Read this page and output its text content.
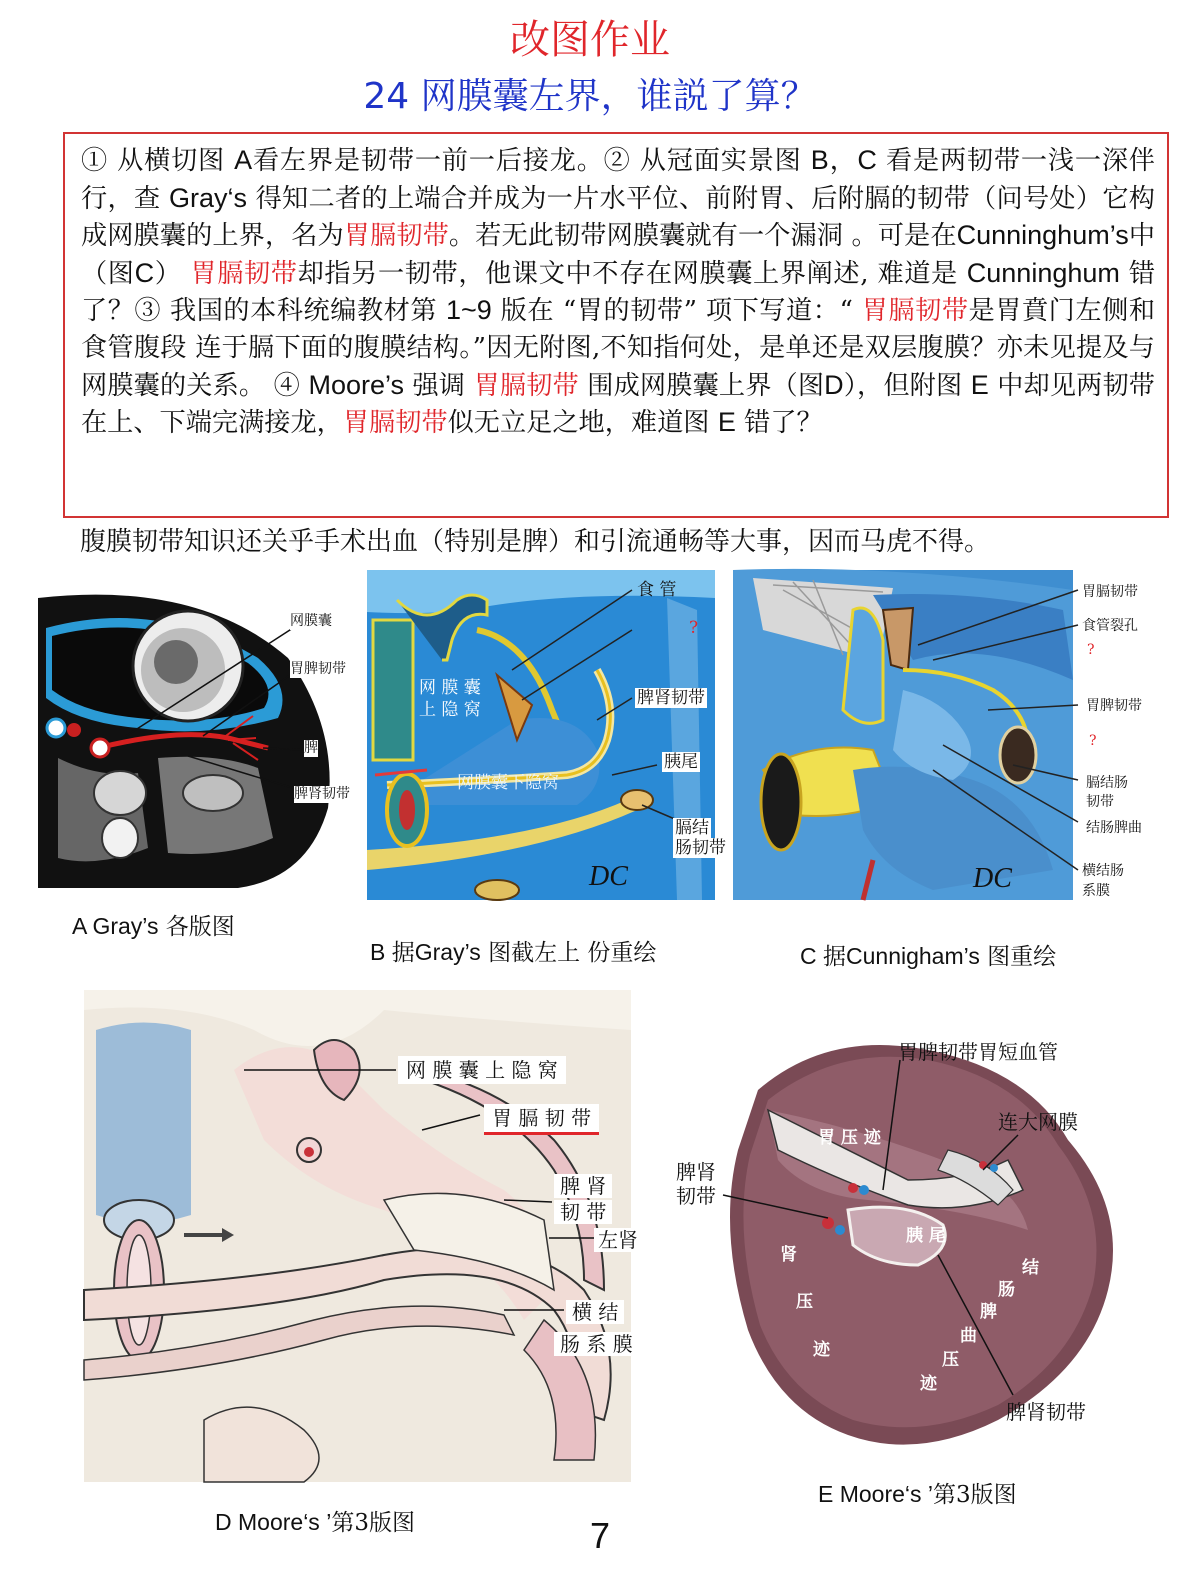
改图作业
24 网膜囊左界，谁説了算？

① 从横切图 A看左界是韧带一前一后接龙。② 从冠面实景图 B，C 看是两韧带一浅一深伴行，查 Gray‘s 得知二者的上端合并成为一片水平位、前附胃、后附膈的韧带（问号处）它构成网膜囊的上界，名为胃膈韧带。若无此韧带网膜囊就有一个漏洞 。可是在Cunninghum’s中（图C） 胃膈韧带却指另一韧带，他课文中不存在网膜囊上界阐述, 难道是 Cunninghum 错了？③ 我国的本科统编教材第 1~9 版在 “胃的韧带” 项下写道：“ 胃膈韧带是胃賁门左侧和食管腹段 连于膈下面的腹膜结构。”因无附图,不知指何处，是单还是双层腹膜？亦未见提及与网膜囊的关系。 ④ Moore’s 强调 胃膈韧带 围成网膜囊上界（图D），但附图 E 中却见两韧带在上、下端完满接龙，胃膈韧带似无立足之地，难道图 E 错了？

腹膜韧带知识还关乎手术出血（特别是脾）和引流通畅等大事，因而马虎不得。
网膜囊
胃脾韧带
脾
脾肾韧带
A Gray’s 各版图
食 管
?
网 膜 囊
上 隐 窝
脾肾韧带
胰尾
网膜囊下隐窝
膈结
肠韧带
DC
B 据Gray’s 图截左上 份重绘
胃膈韧带
食管裂孔
?
胃脾韧带
?
膈结肠
韧带
结肠脾曲
横结肠
系膜
DC
C 据Cunnigham’s 图重绘
网 膜 囊 上 隐 窝
胃 膈 韧 带
脾 肾
韧 带
左肾
横 结
肠 系 膜
D Moore‘s ’第3版图
胃脾韧带胃短血管
连大网膜
胃 压 迹
脾肾
韧带
胰 尾
肾
压
迹
结
肠
脾
曲
压
迹
脾肾韧带
E Moore‘s ’第3版图
7
